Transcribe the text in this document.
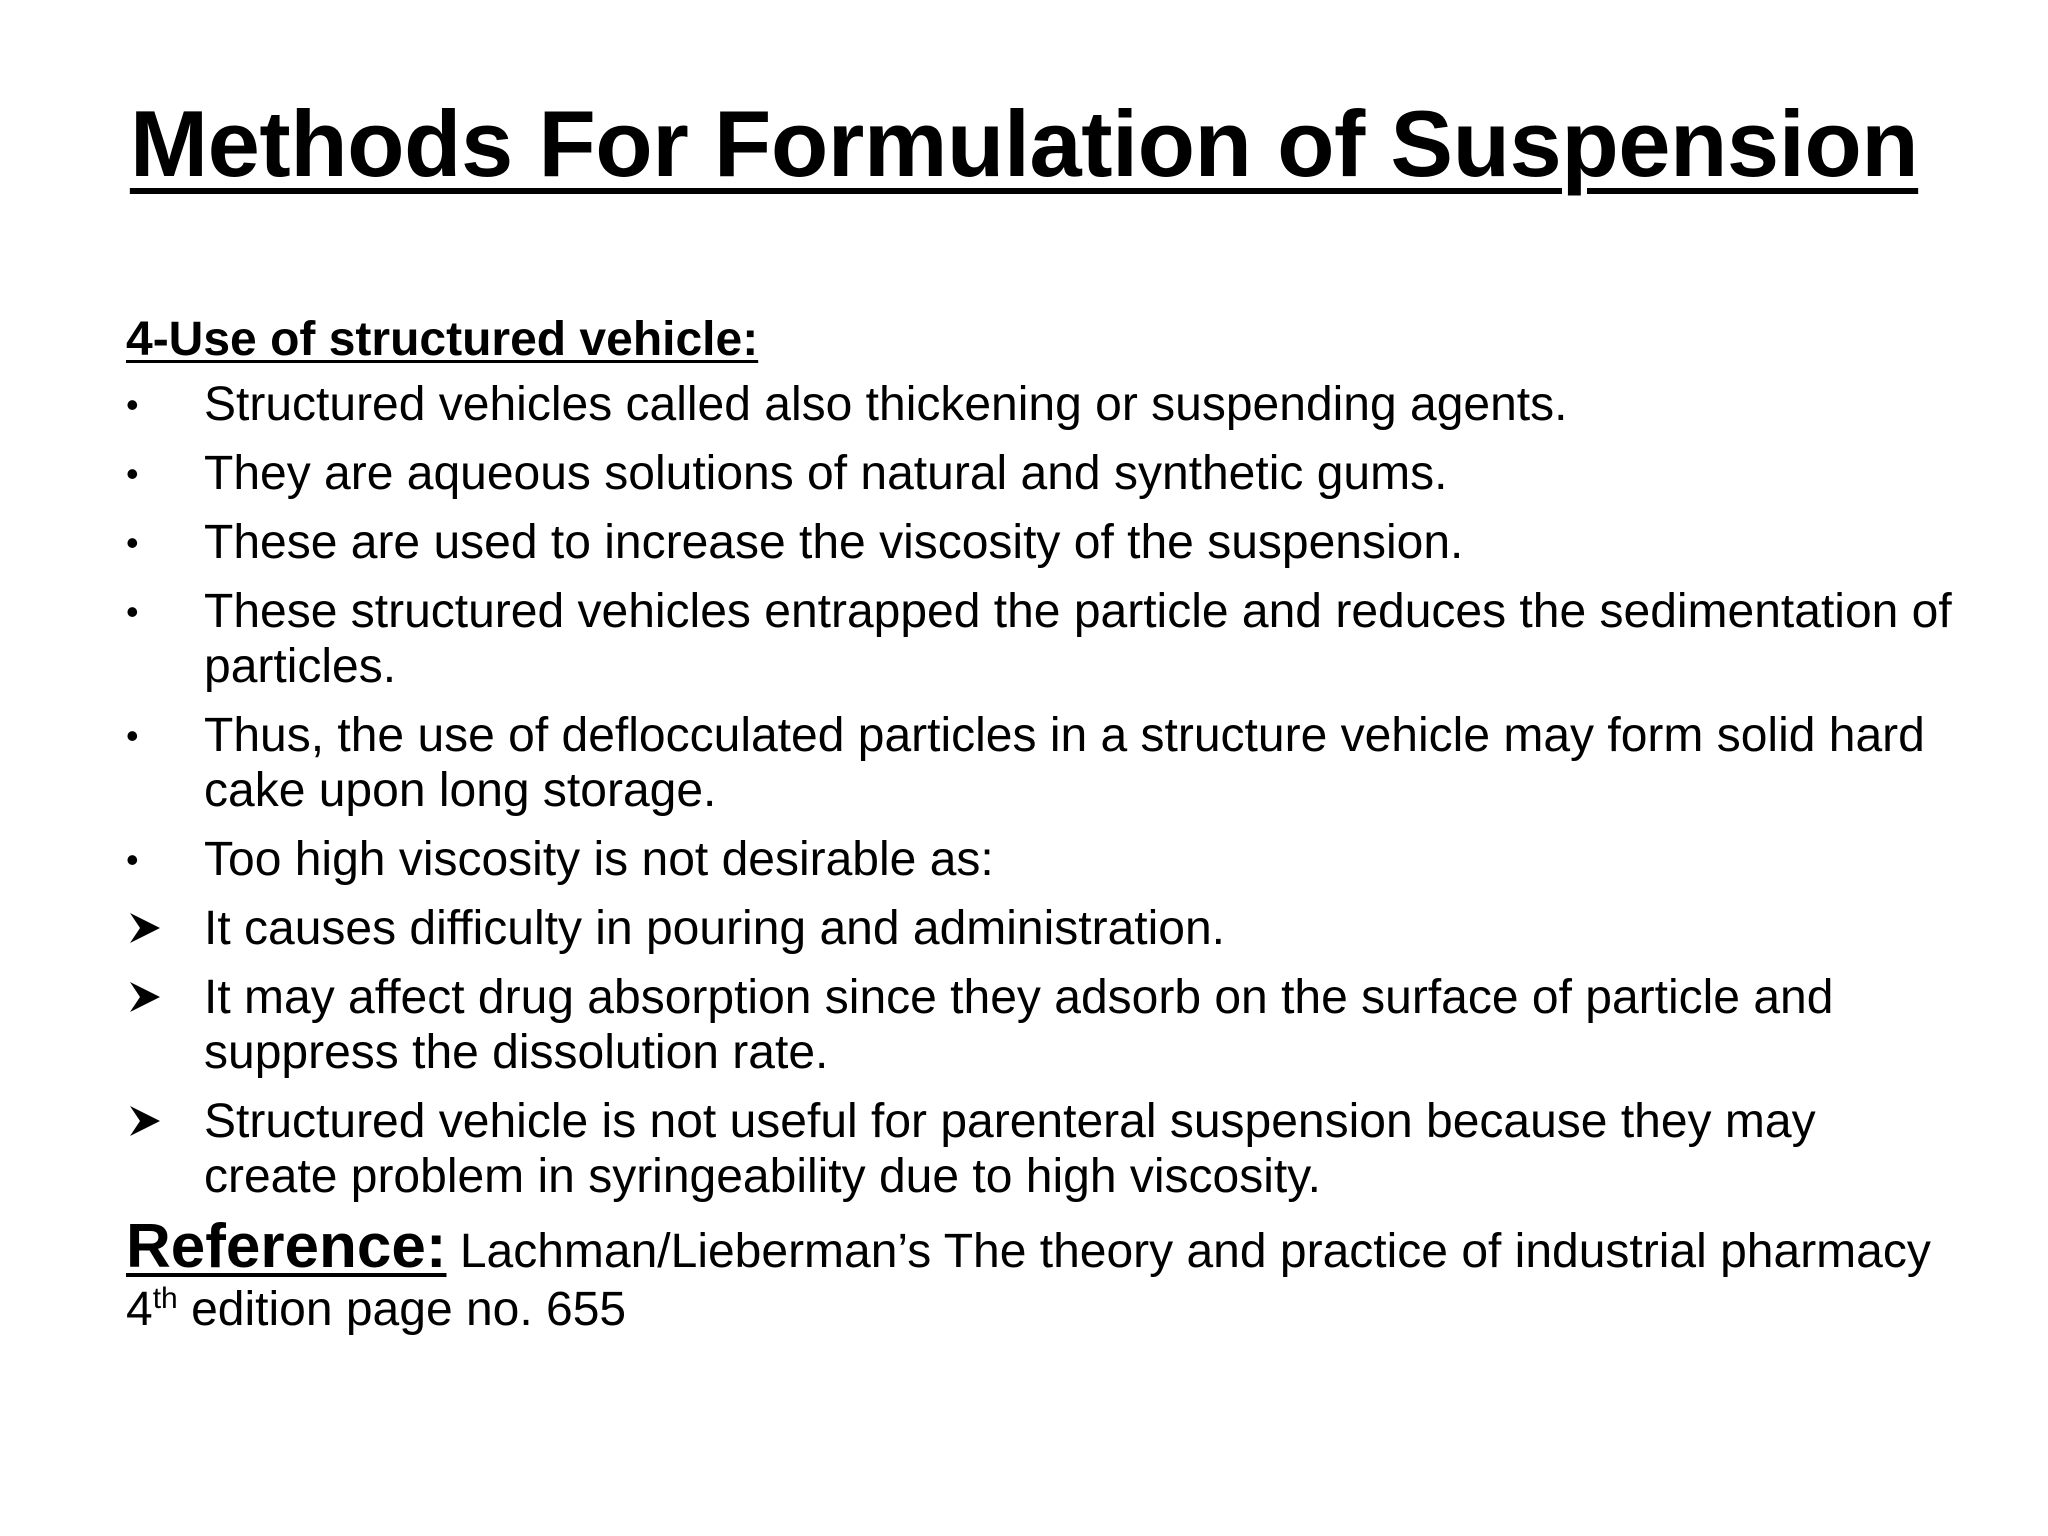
Methods For Formulation of Suspension
4-Use of structured vehicle:
•	Structured vehicles called also thickening or suspending agents.
•	They are aqueous solutions of natural and synthetic gums.
•	These are used to increase the viscosity of the suspension.
•	These structured vehicles entrapped the particle and reduces the sedimentation of particles.
•	Thus, the use of deflocculated particles in a structure vehicle may form solid hard cake upon long storage.
•	Too high viscosity is not desirable as:
It causes difficulty in pouring and administration.
It may affect drug absorption since they adsorb on the surface of particle and suppress the dissolution rate.
Structured vehicle is not useful for parenteral suspension because they may create problem in syringeability due to high viscosity.
Reference: Lachman/Lieberman’s The theory and practice of industrial pharmacy 4th edition page no. 655
